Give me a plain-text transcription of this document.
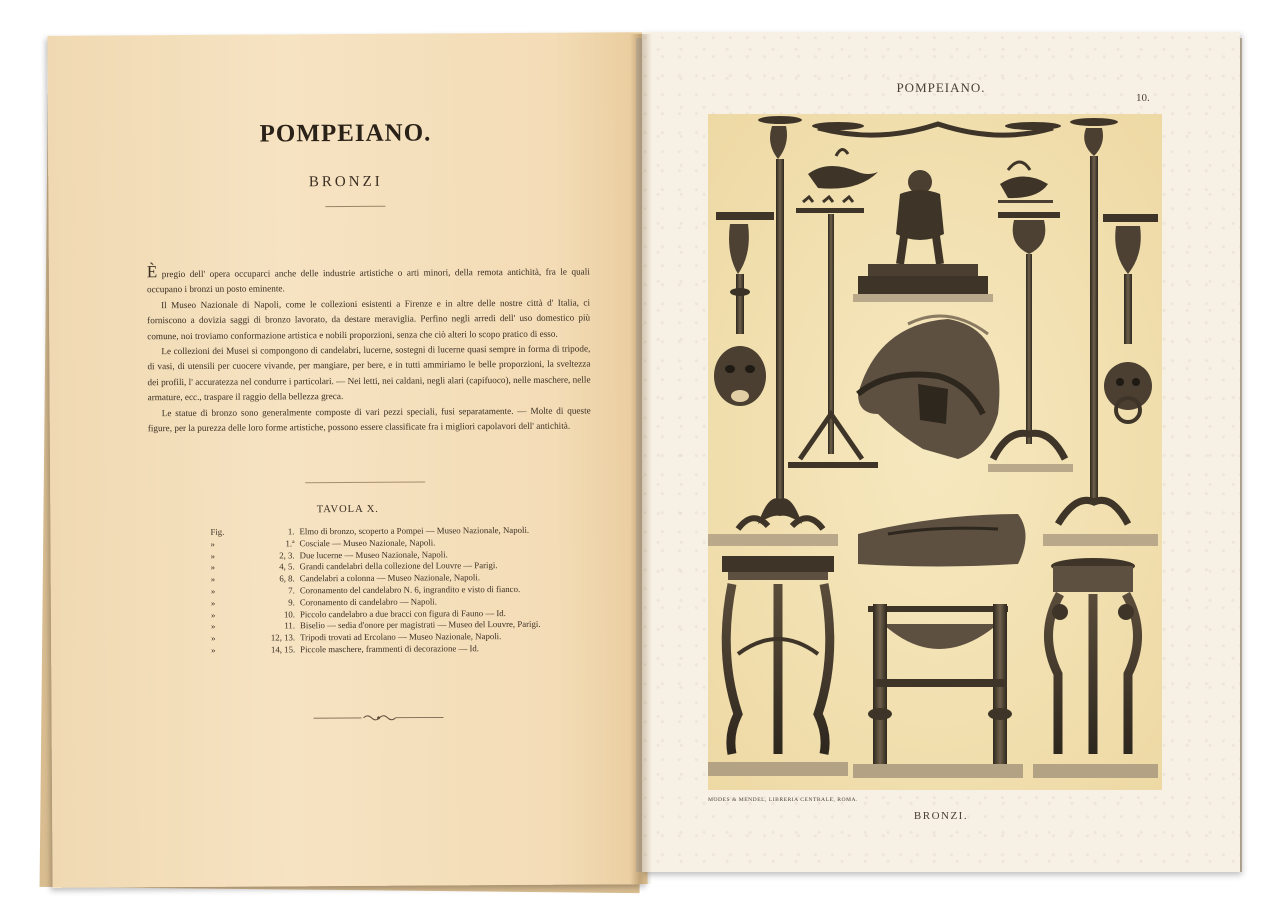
POMPEIANO.
BRONZI

È pregio dell' opera occuparci anche delle industrie artistiche o arti minori, della remota antichità, fra le quali occupano i bronzi un posto eminente.

Il Museo Nazionale di Napoli, come le collezioni esistenti a Firenze e in altre delle nostre città d' Italia, ci forniscono a dovizia saggi di bronzo lavorato, da destare meraviglia. Perfino negli arredi dell' uso domestico più comune, noi troviamo conformazione artistica e nobili proporzioni, senza che ciò alteri lo scopo pratico di esso.

Le collezioni dei Musei si compongono di candelabri, lucerne, sostegni di lucerne quasi sempre in forma di tripode, di vasi, di utensili per cuocere vivande, per mangiare, per bere, e in tutti ammiriamo le belle proporzioni, la sveltezza dei profili, l' accuratezza nel condurre i particolari. — Nei letti, nei caldani, negli alari (capifuoco), nelle maschere, nelle armature, ecc., traspare il raggio della bellezza greca.

Le statue di bronzo sono generalmente composte di vari pezzi speciali, fusi separatamente. — Molte di queste figure, per la purezza delle loro forme artistiche, possono essere classificate fra i migliori capolavori dell' antichità.

TAVOLA X.
Fig.	1. Elmo di bronzo, scoperto a Pompei — Museo Nazionale, Napoli.
»	1.ª Cosciale — Museo Nazionale, Napoli.
»	2, 3. Due lucerne — Museo Nazionale, Napoli.
»	4, 5. Grandi candelabri della collezione del Louvre — Parigi.
»	6, 8. Candelabri a colonna — Museo Nazionale, Napoli.
»	7. Coronamento del candelabro N. 6, ingrandito e visto di fianco.
»	9. Coronamento di candelabro — Napoli.
»	10. Piccolo candelabro a due bracci con figura di Fauno — Id.
»	11. Biselio — sedia d'onore per magistrati — Museo del Louvre, Parigi.
»	12, 13. Tripodi trovati ad Ercolano — Museo Nazionale, Napoli.
»	14, 15. Piccole maschere, frammenti di decorazione — Id.
POMPEIANO.
10.
MODES & MENDEL, LIBRERIA CENTRALE, ROMA.
BRONZI.
